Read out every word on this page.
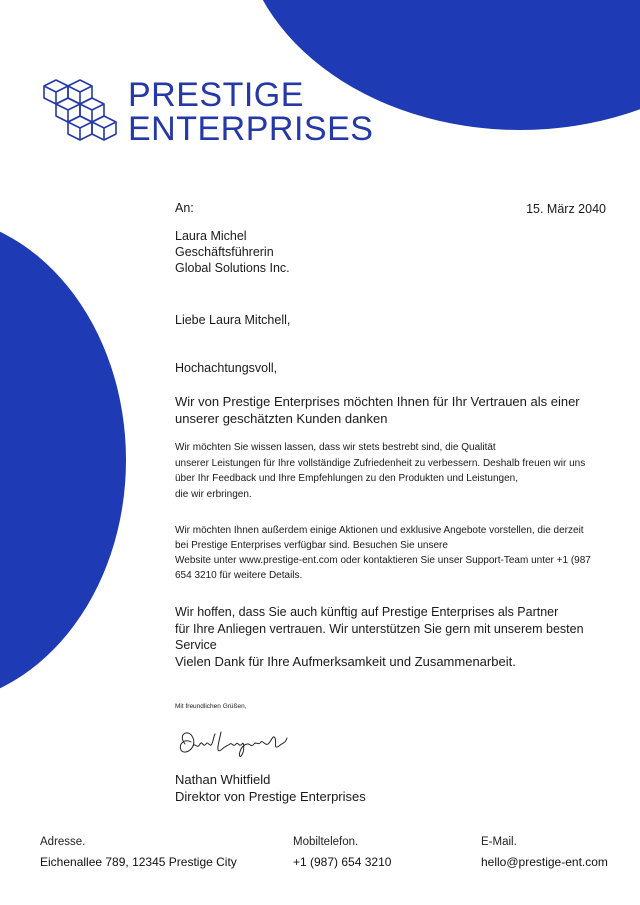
PRESTIGE
ENTERPRISES
An:	15. März 2040
Laura Michel
Geschäftsführerin
Global Solutions Inc.
Liebe Laura Mitchell,
Hochachtungsvoll,
Wir von Prestige Enterprises möchten Ihnen für Ihr Vertrauen als einer
unserer geschätzten Kunden danken
Wir möchten Sie wissen lassen, dass wir stets bestrebt sind, die Qualität
unserer Leistungen für Ihre vollständige Zufriedenheit zu verbessern. Deshalb freuen wir uns
über Ihr Feedback und Ihre Empfehlungen zu den Produkten und Leistungen,
die wir erbringen.
Wir möchten Ihnen außerdem einige Aktionen und exklusive Angebote vorstellen, die derzeit
bei Prestige Enterprises verfügbar sind. Besuchen Sie unsere
Website unter www.prestige-ent.com oder kontaktieren Sie unser Support-Team unter +1 (987
654 3210 für weitere Details.
Wir hoffen, dass Sie auch künftig auf Prestige Enterprises als Partner
für Ihre Anliegen vertrauen. Wir unterstützen Sie gern mit unserem besten Service
Vielen Dank für Ihre Aufmerksamkeit und Zusammenarbeit.
Mit freundlichen Grüßen,
Nathan Whitfield
Direktor von Prestige Enterprises
Adresse.
Eichenallee 789, 12345 Prestige City
Mobiltelefon.
+1 (987) 654 3210
E-Mail.
hello@prestige-ent.com
